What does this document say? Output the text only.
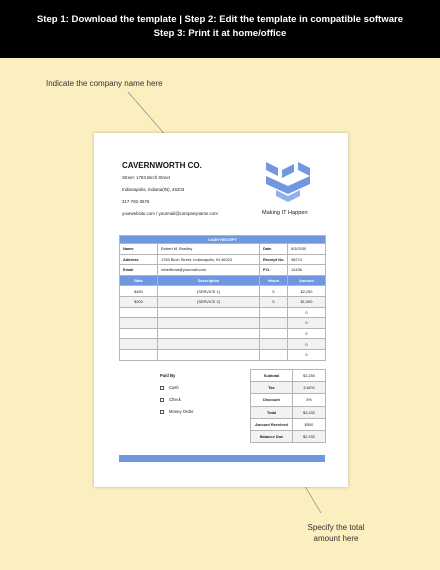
Step 1: Download the template | Step 2: Edit the template in compatible software
Step 3: Print it at home/office
Indicate the company name here
Specify the total
amount here
CAVERNWORTH CO.
Street: 1783 Birch Street
Indianapolis, Indiana(IN), 46203
317-782-3676
yourwebsite.com / yourmail@companyname.com	Making IT Happen
CASH RECEIPT			
Name	Robert M. Bradley	Date	5/3/2030
Address	1783 Birch Street, Indianapolis, IN 46203	Receipt No.	98274
Email	robertbrad@yourmail.com	P.O.	12436
Rate	Description	Hours	Amount
$450	[SERVICE 1]	5	$2,250
$200	[SERVICE 2]	5	$1,000
			0
			0
			0
			0
			0
Paid By
Cash
Check
Money Order
Subtotal	$3,250
Tax	5.60%
Discount	5%
Total	$3,432
Amount Received	$500
Balance Due	$2,932
